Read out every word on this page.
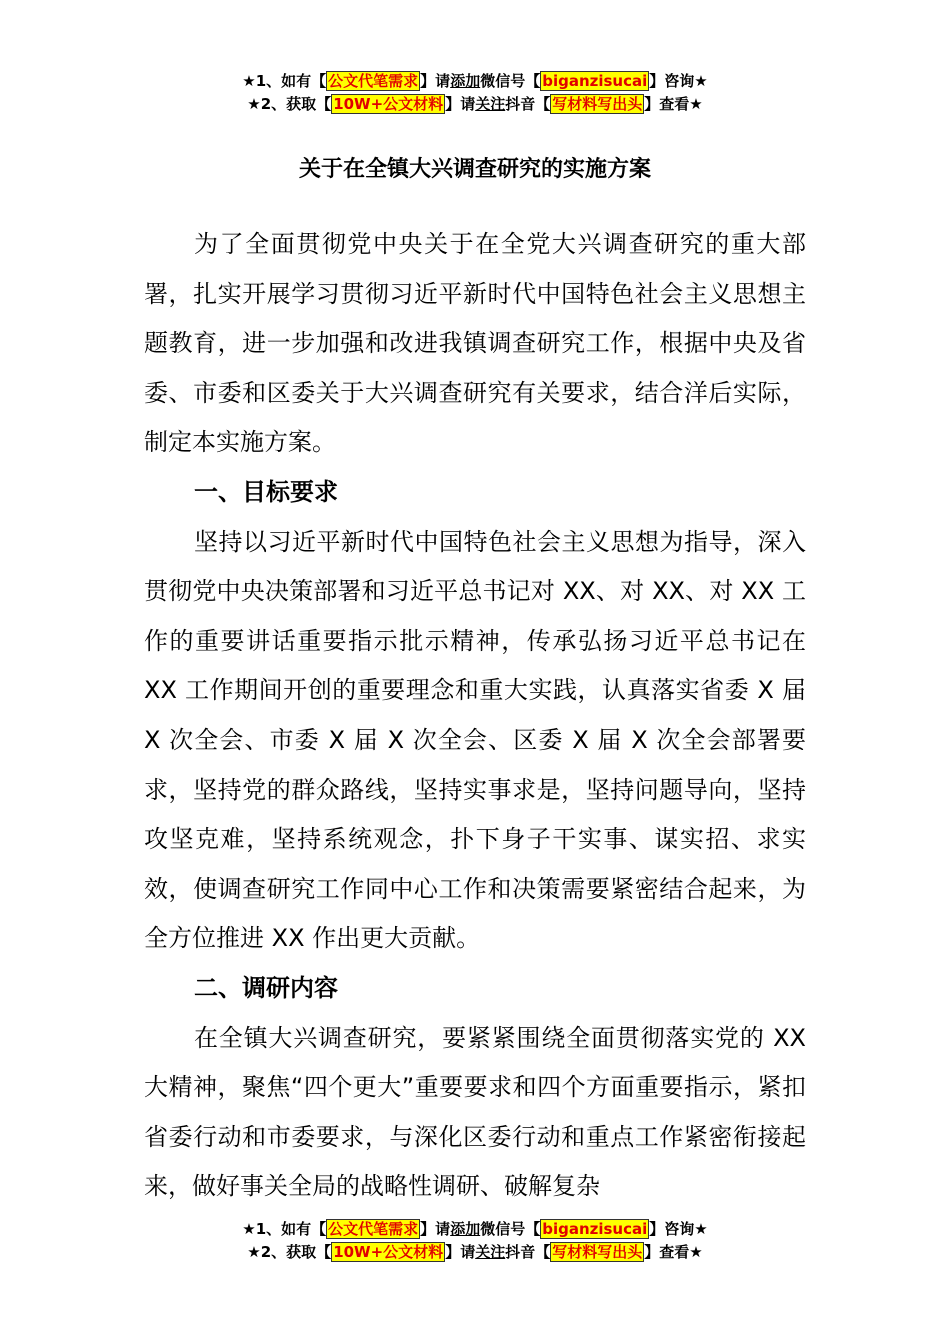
★1、如有【 公文代笔需求 】请添加微信号【 biganzisucai 】咨询★
★2、获取【 10W+公文材料 】请关注抖音【 写材料写出头 】查看★
关于在全镇大兴调查研究的实施方案

为了全面贯彻党中央关于在全党大兴调查研究的重大部署，扎实开展学习贯彻习近平新时代中国特色社会主义思想主题教育，进一步加强和改进我镇调查研究工作，根据中央及省委、市委和区委关于大兴调查研究有关要求，结合洋后实际，制定本实施方案。

一、目标要求

坚持以习近平新时代中国特色社会主义思想为指导，深入贯彻党中央决策部署和习近平总书记对 XX、对 XX、对 XX 工作的重要讲话重要指示批示精神，传承弘扬习近平总书记在 XX 工作期间开创的重要理念和重大实践，认真落实省委 X 届 X 次全会、市委 X 届 X 次全会、区委 X 届 X 次全会部署要求，坚持党的群众路线，坚持实事求是，坚持问题导向，坚持攻坚克难，坚持系统观念，扑下身子干实事、谋实招、求实效，使调查研究工作同中心工作和决策需要紧密结合起来，为全方位推进 XX 作出更大贡献。

二、调研内容

在全镇大兴调查研究，要紧紧围绕全面贯彻落实党的 XX 大精神，聚焦“四个更大”重要要求和四个方面重要指示，紧扣省委行动和市委要求，与深化区委行动和重点工作紧密衔接起来，做好事关全局的战略性调研、破解复杂

★1、如有【 公文代笔需求 】请添加微信号【 biganzisucai 】咨询★
★2、获取【 10W+公文材料 】请关注抖音【 写材料写出头 】查看★
